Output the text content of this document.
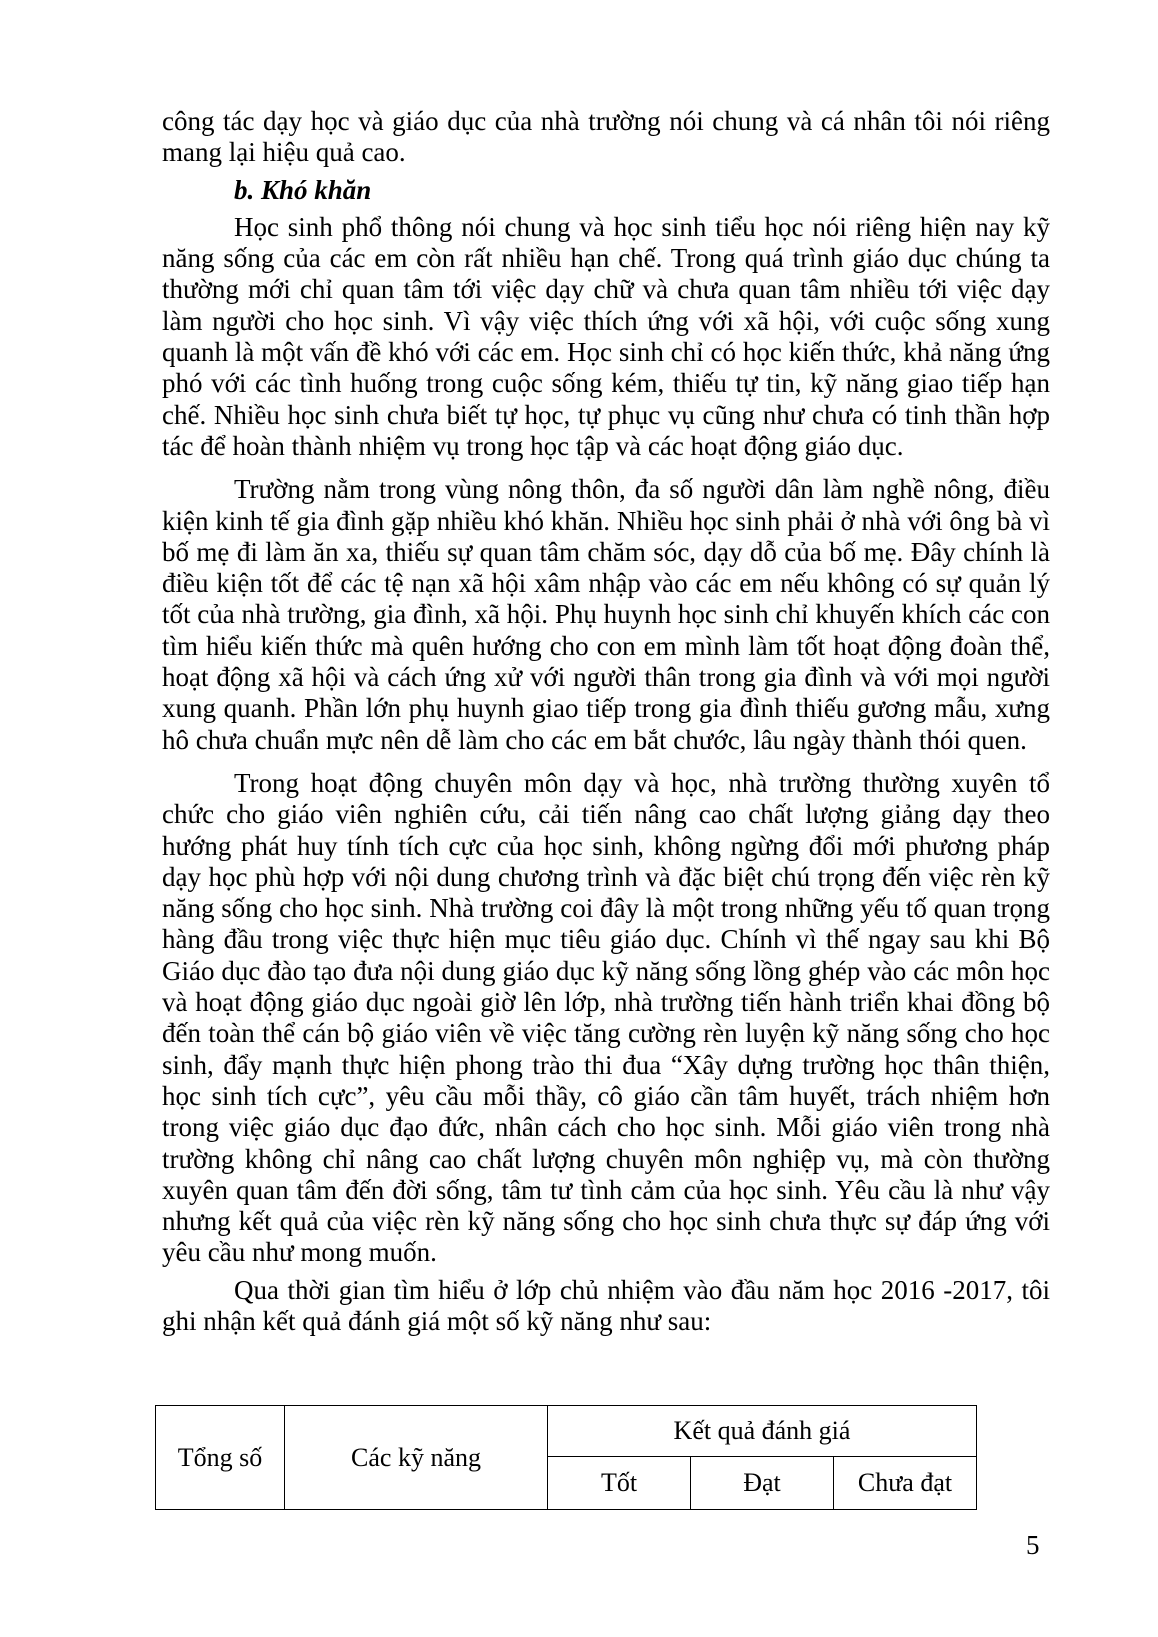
công tác dạy học và giáo dục của nhà trường nói chung và cá nhân tôi nói riêng mang lại hiệu quả cao.

b. Khó khăn

Học sinh phổ thông nói chung và học sinh tiểu học nói riêng hiện nay kỹ năng sống của các em còn rất nhiều hạn chế. Trong quá trình giáo dục chúng ta thường mới chỉ quan tâm tới việc dạy chữ và chưa quan tâm nhiều tới việc dạy làm người cho học sinh. Vì vậy việc thích ứng với xã hội, với cuộc sống xung quanh là một vấn đề khó với các em. Học sinh chỉ có học kiến thức, khả năng ứng phó với các tình huống trong cuộc sống kém, thiếu tự tin, kỹ năng giao tiếp hạn chế. Nhiều học sinh chưa biết tự học, tự phục vụ cũng như chưa có tinh thần hợp tác để hoàn thành nhiệm vụ trong học tập và các hoạt động giáo dục.

Trường nằm trong vùng nông thôn, đa số người dân làm nghề nông, điều kiện kinh tế gia đình gặp nhiều khó khăn. Nhiều học sinh phải ở nhà với ông bà vì bố mẹ đi làm ăn xa, thiếu sự quan tâm chăm sóc, dạy dỗ của bố mẹ. Đây chính là điều kiện tốt để các tệ nạn xã hội xâm nhập vào các em nếu không có sự quản lý tốt của nhà trường, gia đình, xã hội. Phụ huynh học sinh chỉ khuyến khích các con tìm hiểu kiến thức mà quên hướng cho con em mình làm tốt hoạt động đoàn thể, hoạt động xã hội và cách ứng xử với người thân trong gia đình và với mọi người xung quanh. Phần lớn phụ huynh giao tiếp trong gia đình thiếu gương mẫu, xưng hô chưa chuẩn mực nên dễ làm cho các em bắt chước, lâu ngày thành thói quen.

Trong hoạt động chuyên môn dạy và học, nhà trường thường xuyên tổ chức cho giáo viên nghiên cứu, cải tiến nâng cao chất lượng giảng dạy theo hướng phát huy tính tích cực của học sinh, không ngừng đổi mới phương pháp dạy học phù hợp với nội dung chương trình và đặc biệt chú trọng đến việc rèn kỹ năng sống cho học sinh. Nhà trường coi đây là một trong những yếu tố quan trọng hàng đầu trong việc thực hiện mục tiêu giáo dục. Chính vì thế ngay sau khi Bộ Giáo dục đào tạo đưa nội dung giáo dục kỹ năng sống lồng ghép vào các môn học và hoạt động giáo dục ngoài giờ lên lớp, nhà trường tiến hành triển khai đồng bộ đến toàn thể cán bộ giáo viên về việc tăng cường rèn luyện kỹ năng sống cho học sinh, đẩy mạnh thực hiện phong trào thi đua “Xây dựng trường học thân thiện, học sinh tích cực”, yêu cầu mỗi thầy, cô giáo cần tâm huyết, trách nhiệm hơn trong việc giáo dục đạo đức, nhân cách cho học sinh. Mỗi giáo viên trong nhà trường không chỉ nâng cao chất lượng chuyên môn nghiệp vụ, mà còn thường xuyên quan tâm đến đời sống, tâm tư tình cảm của học sinh. Yêu cầu là như vậy nhưng kết quả của việc rèn kỹ năng sống cho học sinh chưa thực sự đáp ứng với yêu cầu như mong muốn.

Qua thời gian tìm hiểu ở lớp chủ nhiệm vào đầu năm học 2016 -2017, tôi ghi nhận kết quả đánh giá một số kỹ năng như sau:

Tổng số	Các kỹ năng	Kết quả đánh giá		
		Tốt	Đạt	Chưa đạt
5
